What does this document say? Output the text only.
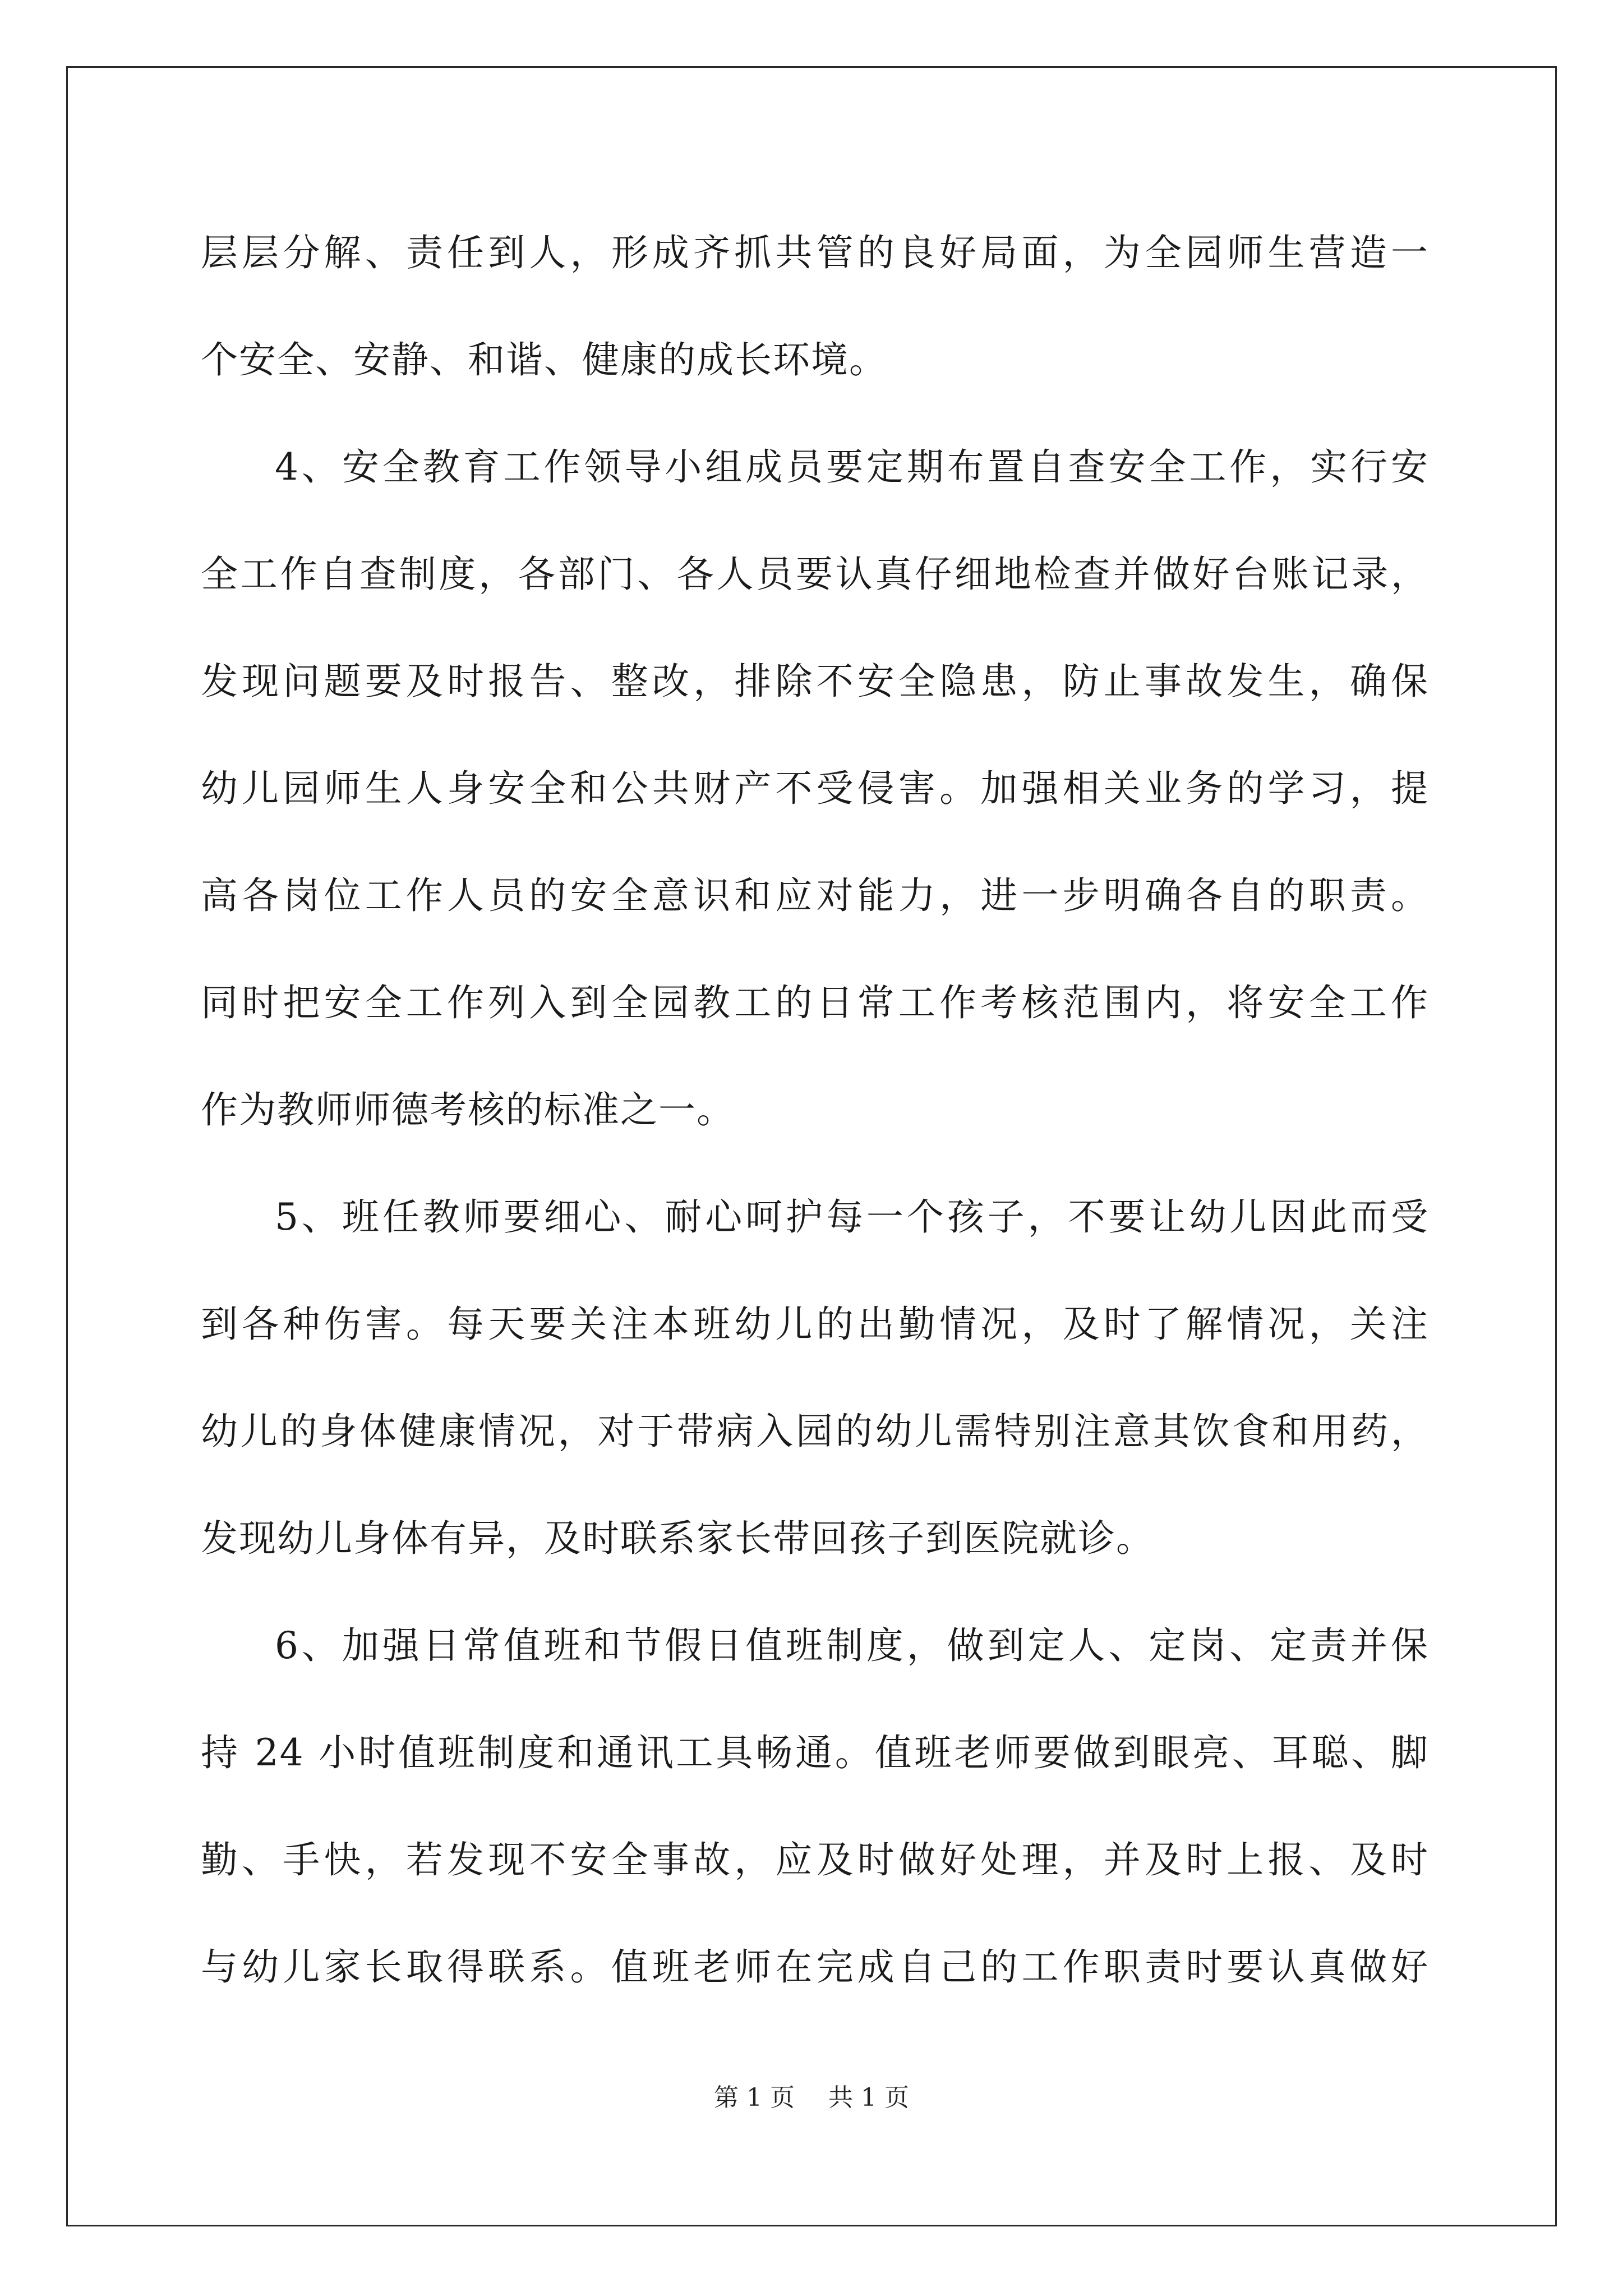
层层分解、责任到人，形成齐抓共管的良好局面，为全园师生营造一
个安全、安静、和谐、健康的成长环境。
4、安全教育工作领导小组成员要定期布置自查安全工作，实行安
全工作自查制度，各部门、各人员要认真仔细地检查并做好台账记录，
发现问题要及时报告、整改，排除不安全隐患，防止事故发生，确保
幼儿园师生人身安全和公共财产不受侵害。加强相关业务的学习，提
高各岗位工作人员的安全意识和应对能力，进一步明确各自的职责。
同时把安全工作列入到全园教工的日常工作考核范围内，将安全工作
作为教师师德考核的标准之一。
5、班任教师要细心、耐心呵护每一个孩子，不要让幼儿因此而受
到各种伤害。每天要关注本班幼儿的出勤情况，及时了解情况，关注
幼儿的身体健康情况，对于带病入园的幼儿需特别注意其饮食和用药，
发现幼儿身体有异，及时联系家长带回孩子到医院就诊。
6、加强日常值班和节假日值班制度，做到定人、定岗、定责并保
持 24 小时值班制度和通讯工具畅通。值班老师要做到眼亮、耳聪、脚
勤、手快，若发现不安全事故，应及时做好处理，并及时上报、及时
与幼儿家长取得联系。值班老师在完成自己的工作职责时要认真做好
第 1 页 共 1 页
